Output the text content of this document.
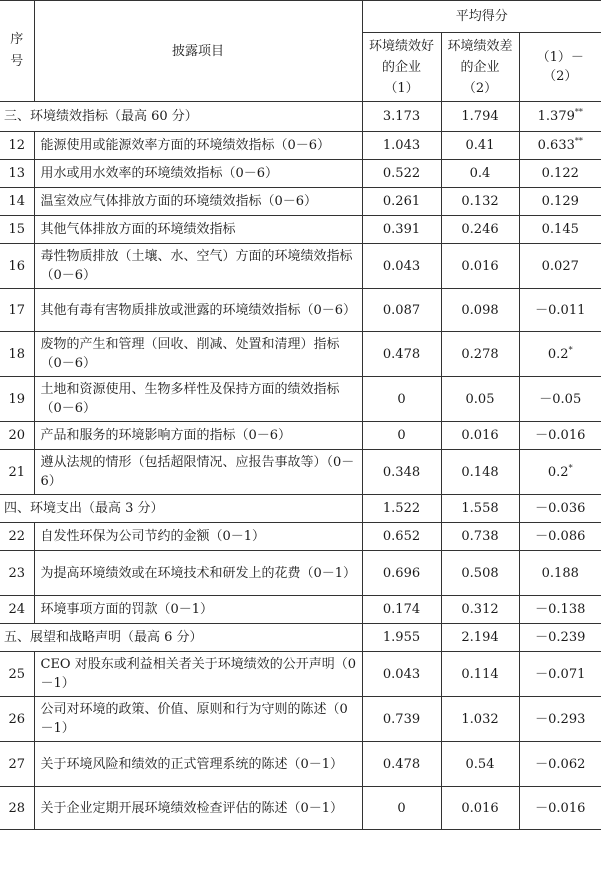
序号	披露项目	平均得分		
		环境绩效好的企业（1）	环境绩效差的企业（2）	（1）－（2）
三、环境绩效指标（最高 60 分）		3.173	1.794	1.379**
12	能源使用或能源效率方面的环境绩效指标（0－6）	1.043	0.41	0.633**
13	用水或用水效率的环境绩效指标（0－6）	0.522	0.4	0.122
14	温室效应气体排放方面的环境绩效指标（0－6）	0.261	0.132	0.129
15	其他气体排放方面的环境绩效指标	0.391	0.246	0.145
16	毒性物质排放（土壤、水、空气）方面的环境绩效指标（0－6）	0.043	0.016	0.027
17	其他有毒有害物质排放或泄露的环境绩效指标（0－6）	0.087	0.098	－0.011
18	废物的产生和管理（回收、削减、处置和清理）指标（0－6）	0.478	0.278	0.2*
19	土地和资源使用、生物多样性及保持方面的绩效指标（0－6）	0	0.05	－0.05
20	产品和服务的环境影响方面的指标（0－6）	0	0.016	－0.016
21	遵从法规的情形（包括超限情况、应报告事故等）（0－6）	0.348	0.148	0.2*
四、环境支出（最高 3 分）		1.522	1.558	－0.036
22	自发性环保为公司节约的金额（0－1）	0.652	0.738	－0.086
23	为提高环境绩效或在环境技术和研发上的花费（0－1）	0.696	0.508	0.188
24	环境事项方面的罚款（0－1）	0.174	0.312	－0.138
五、展望和战略声明（最高 6 分）		1.955	2.194	－0.239
25	CEO 对股东或利益相关者关于环境绩效的公开声明（0－1）	0.043	0.114	－0.071
26	公司对环境的政策、价值、原则和行为守则的陈述（0－1）	0.739	1.032	－0.293
27	关于环境风险和绩效的正式管理系统的陈述（0－1）	0.478	0.54	－0.062
28	关于企业定期开展环境绩效检查评估的陈述（0－1）	0	0.016	－0.016
